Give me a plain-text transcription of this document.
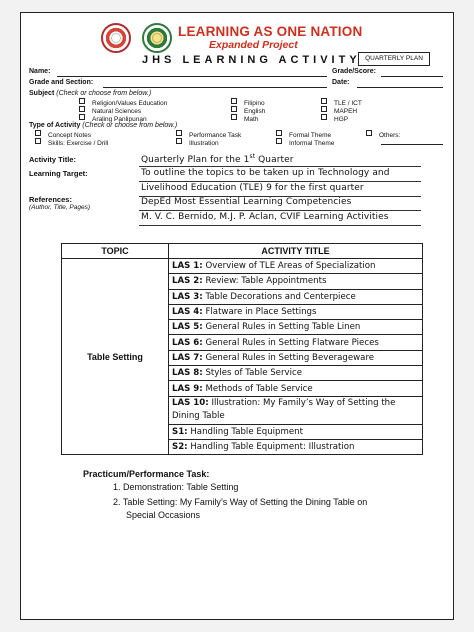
LEARNING AS ONE NATION
Expanded Project
JHS LEARNING ACTIVITY QUARTERLY PLAN
Name:	Grade/Score:
Grade and Section:	Date:
Subject (Check or choose from below.)
Religion/Values Education	Filipino	TLE / ICT
Natural Sciences	English	MAPEH
Araling Panlipunan	Math	HGP
Type of Activity (Check or choose from below.)
Concept Notes	Performance Task	Formal Theme	Others:
Skills: Exercise / Drill	Illustration	Informal Theme
Activity Title:	Quarterly Plan for the 1st Quarter
Learning Target:	To outline the topics to be taken up in Technology and
Livelihood Education (TLE) 9 for the first quarter
References:
(Author, Title, Pages)
DepEd Most Essential Learning Competencies
M. V. C. Bernido, M.J. P. Aclan, CVIF Learning Activities
TOPIC	ACTIVITY TITLE
Table Setting	LAS 1: Overview of TLE Areas of Specialization
	LAS 2: Review: Table Appointments
	LAS 3: Table Decorations and Centerpiece
	LAS 4: Flatware in Place Settings
	LAS 5: General Rules in Setting Table Linen
	LAS 6: General Rules in Setting Flatware Pieces
	LAS 7: General Rules in Setting Beverageware
	LAS 8: Styles of Table Service
	LAS 9: Methods of Table Service
	LAS 10: Illustration: My Family’s Way of Setting the Dining Table
	S1: Handling Table Equipment
	S2: Handling Table Equipment: Illustration
Practicum/Performance Task:
1. Demonstration: Table Setting
2. Table Setting: My Family’s Way of Setting the Dining Table on
Special Occasions
